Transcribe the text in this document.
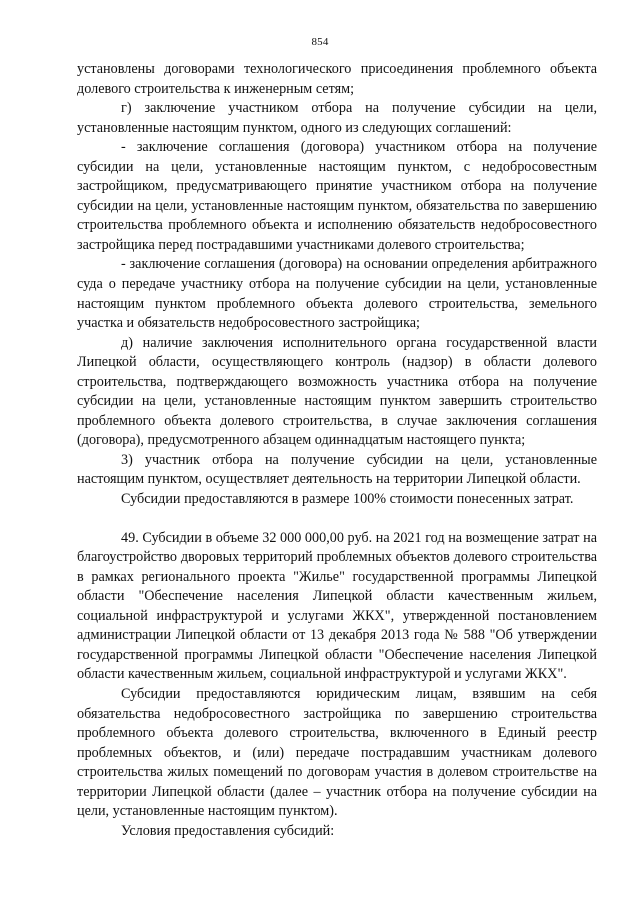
854

установлены договорами технологического присоединения проблемного объекта долевого строительства к инженерным сетям;

г) заключение участником отбора на получение субсидии на цели, установленные настоящим пунктом, одного из следующих соглашений:

- заключение соглашения (договора) участником отбора на получение субсидии на цели, установленные настоящим пунктом, с недобросовестным застройщиком, предусматривающего принятие участником отбора на получение субсидии на цели, установленные настоящим пунктом, обязательства по завершению строительства проблемного объекта и исполнению обязательств недобросовестного застройщика перед пострадавшими участниками долевого строительства;

- заключение соглашения (договора) на основании определения арбитражного суда о передаче участнику отбора на получение субсидии на цели, установленные настоящим пунктом проблемного объекта долевого строительства, земельного участка и обязательств недобросовестного застройщика;

д) наличие заключения исполнительного органа государственной власти Липецкой области, осуществляющего контроль (надзор) в области долевого строительства, подтверждающего возможность участника отбора на получение субсидии на цели, установленные настоящим пунктом завершить строительство проблемного объекта долевого строительства, в случае заключения соглашения (договора), предусмотренного абзацем одиннадцатым настоящего пункта;

3) участник отбора на получение субсидии на цели, установленные настоящим пунктом, осуществляет деятельность на территории Липецкой области.

Субсидии предоставляются в размере 100% стоимости понесенных затрат.

49. Субсидии в объеме 32 000 000,00 руб. на 2021 год на возмещение затрат на благоустройство дворовых территорий проблемных объектов долевого строительства в рамках регионального проекта "Жилье" государственной программы Липецкой области "Обеспечение населения Липецкой области качественным жильем, социальной инфраструктурой и услугами ЖКХ", утвержденной постановлением администрации Липецкой области от 13 декабря 2013 года № 588 "Об утверждении государственной программы Липецкой области "Обеспечение населения Липецкой области качественным жильем, социальной инфраструктурой и услугами ЖКХ".

Субсидии предоставляются юридическим лицам, взявшим на себя обязательства недобросовестного застройщика по завершению строительства проблемного объекта долевого строительства, включенного в Единый реестр проблемных объектов, и (или) передаче пострадавшим участникам долевого строительства жилых помещений по договорам участия в долевом строительстве на территории Липецкой области (далее – участник отбора на получение субсидии на цели, установленные настоящим пунктом).

Условия предоставления субсидий:
